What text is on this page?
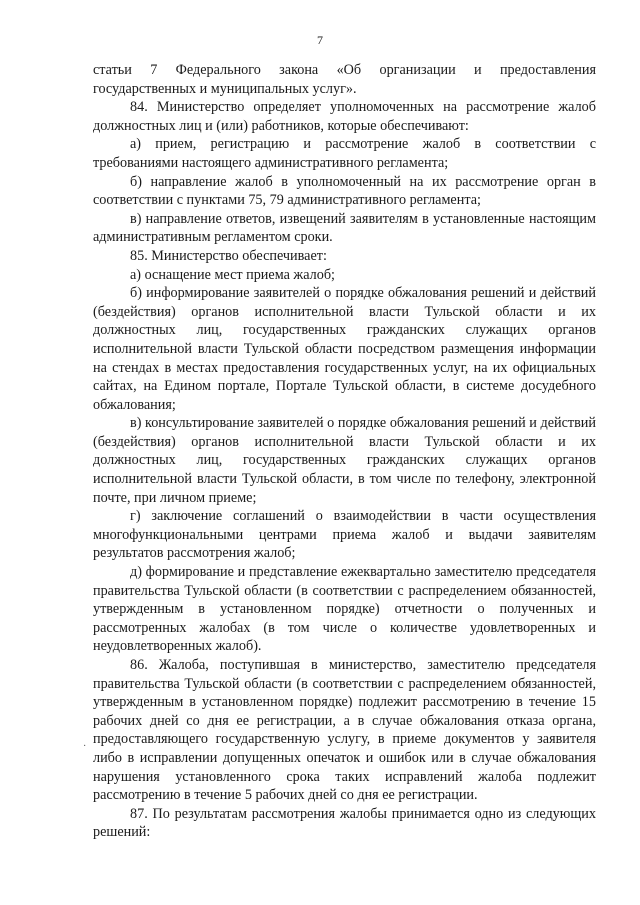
7

статьи 7 Федерального закона «Об организации и предоставления государственных и муниципальных услуг».

84. Министерство определяет уполномоченных на рассмотрение жалоб должностных лиц и (или) работников, которые обеспечивают:

а) прием, регистрацию и рассмотрение жалоб в соответствии с требованиями настоящего административного регламента;

б) направление жалоб в уполномоченный на их рассмотрение орган в соответствии с пунктами 75, 79 административного регламента;

в) направление ответов, извещений заявителям в установленные настоящим административным регламентом сроки.

85. Министерство обеспечивает:

а) оснащение мест приема жалоб;

б) информирование заявителей о порядке обжалования решений и действий (бездействия) органов исполнительной власти Тульской области и их должностных лиц, государственных гражданских служащих органов исполнительной власти Тульской области посредством размещения информации на стендах в местах предоставления государственных услуг, на их официальных сайтах, на Едином портале, Портале Тульской области, в системе досудебного обжалования;

в) консультирование заявителей о порядке обжалования решений и действий (бездействия) органов исполнительной власти Тульской области и их должностных лиц, государственных гражданских служащих органов исполнительной власти Тульской области, в том числе по телефону, электронной почте, при личном приеме;

г) заключение соглашений о взаимодействии в части осуществления многофункциональными центрами приема жалоб и выдачи заявителям результатов рассмотрения жалоб;

д) формирование и представление ежеквартально заместителю председателя правительства Тульской области (в соответствии с распределением обязанностей, утвержденным в установленном порядке) отчетности о полученных и рассмотренных жалобах (в том числе о количестве удовлетворенных и неудовлетворенных жалоб).

86. Жалоба, поступившая в министерство, заместителю председателя правительства Тульской области (в соответствии с распределением обязанностей, утвержденным в установленном порядке) подлежит рассмотрению в течение 15 рабочих дней со дня ее регистрации, а в случае обжалования отказа органа, предоставляющего государственную услугу, в приеме документов у заявителя либо в исправлении допущенных опечаток и ошибок или в случае обжалования нарушения установленного срока таких исправлений жалоба подлежит рассмотрению в течение 5 рабочих дней со дня ее регистрации.

87. По результатам рассмотрения жалобы принимается одно из следующих решений:

·
